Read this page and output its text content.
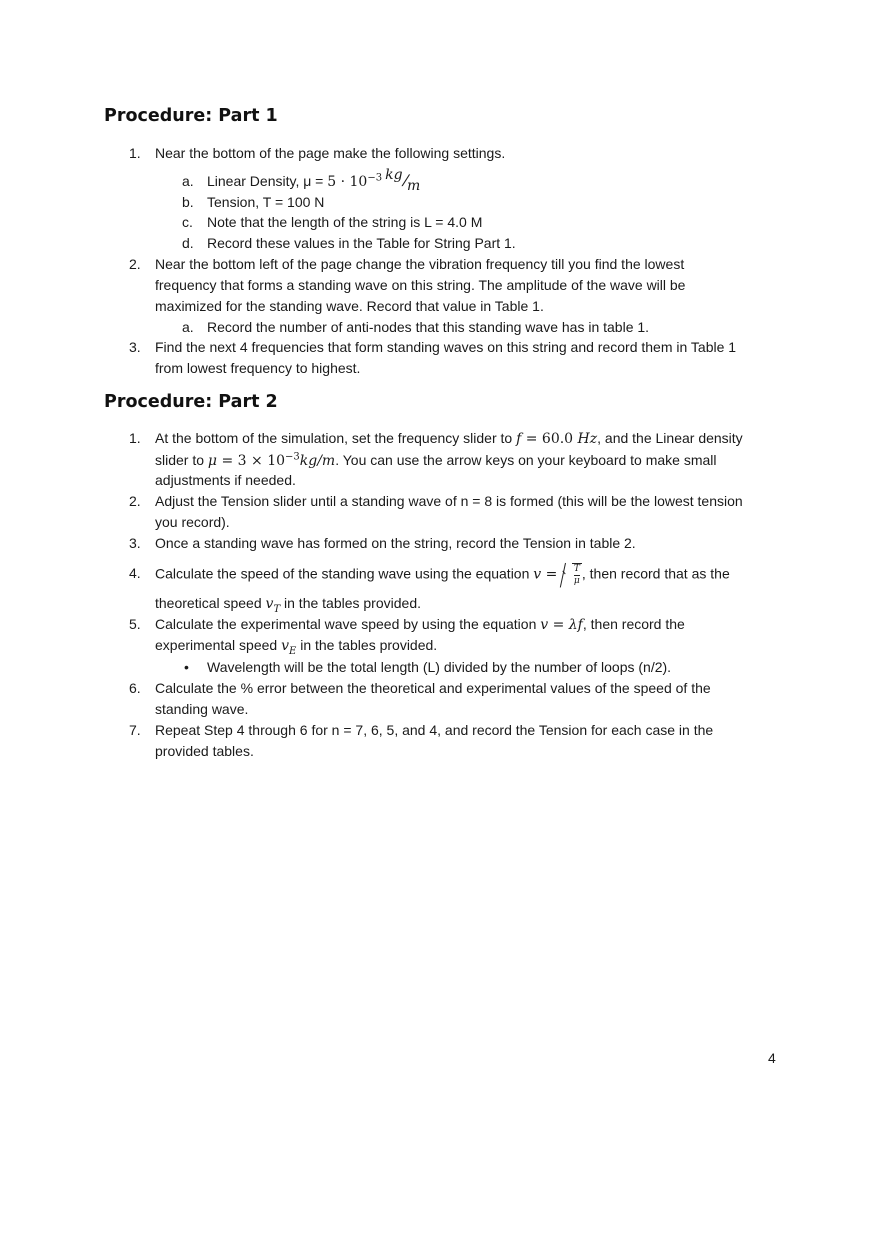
Procedure: Part 1
1. Near the bottom of the page make the following settings.
a. Linear Density, $\mu = 5 \cdot 10^{-3}$ kg/m
b. Tension, T = 100 N
c. Note that the length of the string is L = 4.0 M
d. Record these values in the Table for String Part 1.
2. Near the bottom left of the page change the vibration frequency till you find the lowest
frequency that forms a standing wave on this string. The amplitude of the wave will be
maximized for the standing wave. Record that value in Table 1.
a. Record the number of anti-nodes that this standing wave has in table 1.
3. Find the next 4 frequencies that form standing waves on this string and record them in Table 1
from lowest frequency to highest.
Procedure: Part 2
1. At the bottom of the simulation, set the frequency slider to f = 60.0 Hz, and the Linear density
slider to $\mu = 3 \times 10^{-3}kg/m$. You can use the arrow keys on your keyboard to make small
adjustments if needed.
2. Adjust the Tension slider until a standing wave of n = 8 is formed (this will be the lowest tension
you record).
3. Once a standing wave has formed on the string, record the Tension in table 2.
4. Calculate the speed of the standing wave using the equation $v = \frac{T}{\mu}$ , then record that as the
theoretical speed $v_T$ in the tables provided.
5. Calculate the experimental wave speed by using the equation v = λf, then record the
experimental speed $v_E$ in the tables provided.
• Wavelength will be the total length (L) divided by the number of loops (n/2).
6. Calculate the % error between the theoretical and experimental values of the speed of the
standing wave.
7. Repeat Step 4 through 6 for n = 7, 6, 5, and 4, and record the Tension for each case in the
provided tables.
4
